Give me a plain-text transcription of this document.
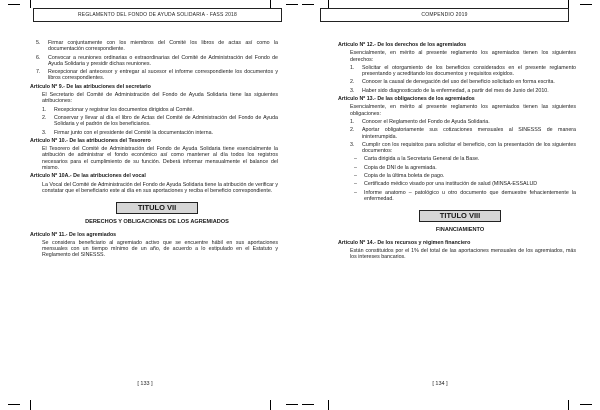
REGLAMENTO DEL FONDO DE AYUDA SOLIDARIA - FASS 2018
5. Firmar conjuntamente con los miembros del Comité los libros de actas así como la documentación correspondiente.
6. Convocar a reuniones ordinarias o extraordinarias del Comité de Administración del Fondo de Ayuda Solidaria y presidir dichas reuniones.
7. Recepcionar del antecesor y entregar al sucesor el informe correspondiente los documentos y libros correspondientes.
Artículo Nº 9.- De las atribuciones del secretario
El Secretario del Comité de Administración del Fondo de Ayuda Solidaria tiene las siguientes atribuciones:
1. Recepcionar y registrar los documentos dirigidos al Comité.
2. Conservar y llevar al día el libro de Actas del Comité de Administración del Fondo de Ayuda Solidaria y el padrón de los beneficiarios.
3. Firmar junto con el presidente del Comité la documentación interna.
Artículo Nº 10.- De las atribuciones del Tesorero
El Tesorero del Comité de Administración del Fondo de Ayuda Solidaria tiene esencialmente la atribución de administrar el fondo económico así como mantener al día todos los registros necesarios para el cumplimiento de su función. Deberá informar mensualmente el balance del mismo.
Artículo Nº 10A.- De las atribuciones del vocal
La Vocal del Comité de Administración del Fondo de Ayuda Solidaria tiene la atribución de verificar y constatar que el beneficiario este al día en sus aportaciones y reciba el beneficio correspondiente.
TITULO VII
DERECHOS Y OBLIGACIONES DE LOS AGREMIADOS
Artículo Nº 11.- De los agremiados
Se considera beneficiario al agremiado activo que se encuentre hábil en sus aportaciones mensuales con un tiempo mínimo de un año, de acuerdo a lo estipulado en el Estatuto y Reglamento del SINESSS.
[ 133 ]
COMPENDIO 2019
Artículo Nº 12.- De los derechos de los agremiados
Esencialmente, en mérito al presente reglamento los agremiados tienen los siguientes derechos:
1. Solicitar el otorgamiento de los beneficios considerados en el presente reglamento presentando y acreditando los documentos y requisitos exigidos.
2. Conocer la causal de denegación del uso del beneficio solicitado en forma escrita.
3. Haber sido diagnosticado de la enfermedad, a partir del mes de Junio del 2010.
Artículo Nº 13.- De las obligaciones de los agremiados
Esencialmente, en mérito al presente reglamento los agremiados tienen las siguientes obligaciones:
1. Conocer el Reglamento del Fondo de Ayuda Solidaria.
2. Aportar obligatoriamente sus cotizaciones mensuales al SINESSS de manera ininterrumpida.
3. Cumplir con los requisitos para solicitar el beneficio, con la presentación de los siguientes documentos:
– Carta dirigida a la Secretaria General de la Base.
– Copia de DNI de la agremiada.
– Copia de la última boleta de pago.
– Certificado médico visado por una institución de salud (MINSA-ESSALUD
– Informe anatomo – patológico u otro documento que demuestre fehacientemente la enfermedad.
TITULO VIII
FINANCIAMIENTO
Artículo Nº 14.- De los recursos y régimen financiero
Están constituidos por el 1% del total de las aportaciones mensuales de los agremiados, más los intereses bancarios.
[ 134 ]
